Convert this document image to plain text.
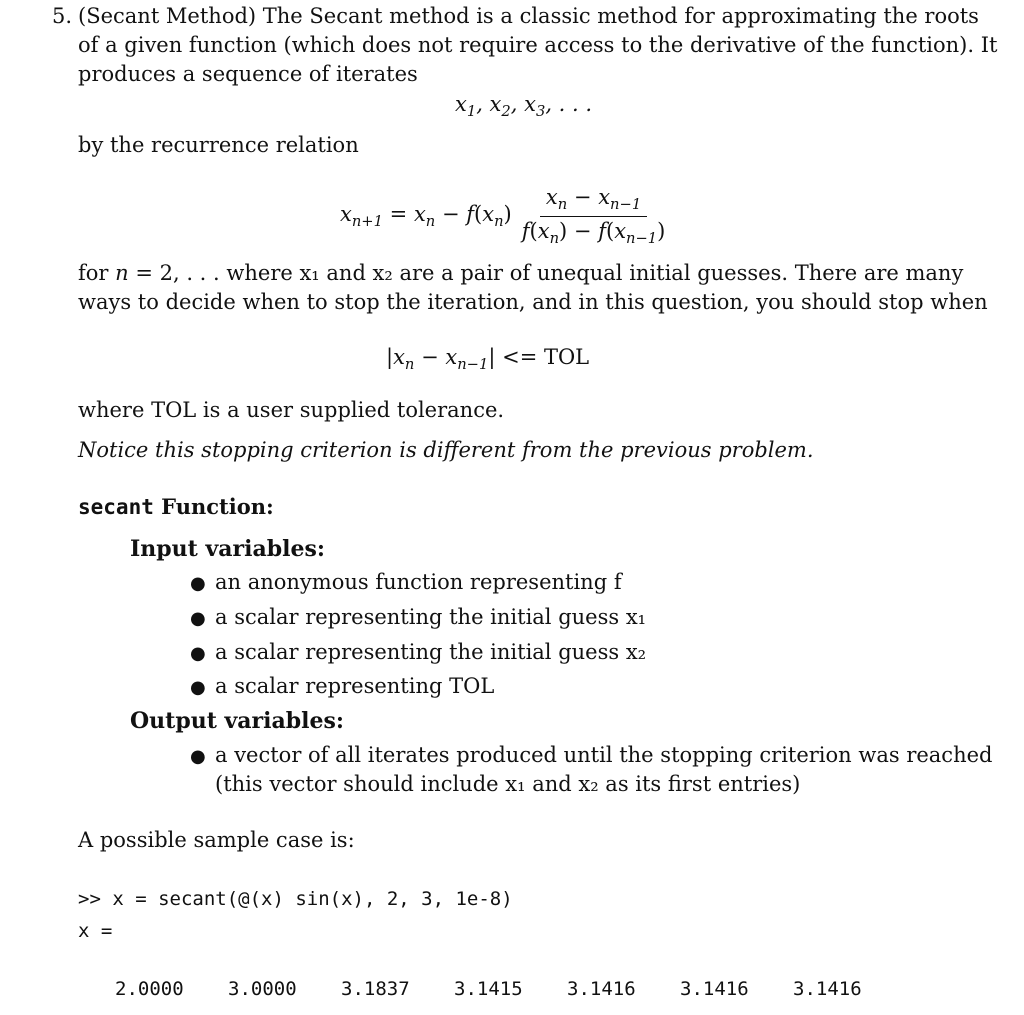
5. (Secant Method) The Secant method is a classic method for approximating the roots
of a given function (which does not require access to the derivative of the function). It
produces a sequence of iterates
$x_1$, $x_2$, $x_3$, . . .
by the recurrence relation
$x_{n+1} = x_n - f(x_n) \frac{x_n - x_{n-1}}{f(x_n) - f(x_{n-1})}$
for n = 2, . . . where x₁ and x₂ are a pair of unequal initial guesses. There are many
ways to decide when to stop the iteration, and in this question, you should stop when
$|x_n - x_{n-1}|$ <= TOL
where TOL is a user supplied tolerance.
Notice this stopping criterion is different from the previous problem.
secant Function:
Input variables:
● an anonymous function representing f
● a scalar representing the initial guess x₁
● a scalar representing the initial guess x₂
● a scalar representing TOL
Output variables:
● a vector of all iterates produced until the stopping criterion was reached
(this vector should include x₁ and x₂ as its first entries)
A possible sample case is:
>> x = secant(@(x) sin(x), 2, 3, 1e-8)
x =
2.0000	3.0000	3.1837	3.1415	3.1416	3.1416	3.1416
